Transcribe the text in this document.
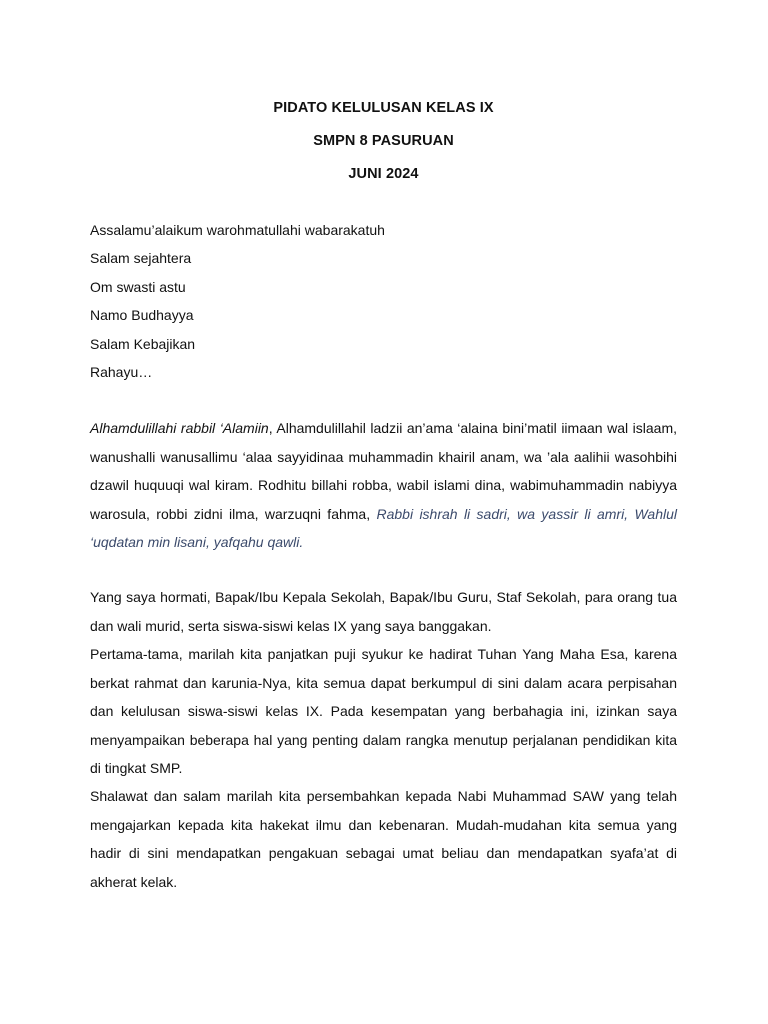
PIDATO KELULUSAN KELAS IX
SMPN 8 PASURUAN
JUNI 2024
Assalamu’alaikum warohmatullahi wabarakatuh
Salam sejahtera
Om swasti astu
Namo Budhayya
Salam Kebajikan
Rahayu…

Alhamdulillahi rabbil ‘Alamiin, Alhamdulillahil ladzii an’ama ‘alaina bini’matil iimaan wal islaam, wanushalli wanusallimu ‘alaa sayyidinaa muhammadin khairil anam, wa ’ala aalihii wasohbihi dzawil huquuqi wal kiram. Rodhitu billahi robba, wabil islami dina, wabimuhammadin nabiyya warosula, robbi zidni ilma, warzuqni fahma, Rabbi ishrah li sadri, wa yassir li amri, Wahlul ‘uqdatan min lisani, yafqahu qawli.

Yang saya hormati, Bapak/Ibu Kepala Sekolah, Bapak/Ibu Guru, Staf Sekolah, para orang tua dan wali murid, serta siswa-siswi kelas IX yang saya banggakan.

Pertama-tama, marilah kita panjatkan puji syukur ke hadirat Tuhan Yang Maha Esa, karena berkat rahmat dan karunia-Nya, kita semua dapat berkumpul di sini dalam acara perpisahan dan kelulusan siswa-siswi kelas IX. Pada kesempatan yang berbahagia ini, izinkan saya menyampaikan beberapa hal yang penting dalam rangka menutup perjalanan pendidikan kita di tingkat SMP.

Shalawat dan salam marilah kita persembahkan kepada Nabi Muhammad SAW yang telah mengajarkan kepada kita hakekat ilmu dan kebenaran. Mudah-mudahan kita semua yang hadir di sini mendapatkan pengakuan sebagai umat beliau dan mendapatkan syafa’at di akherat kelak.
